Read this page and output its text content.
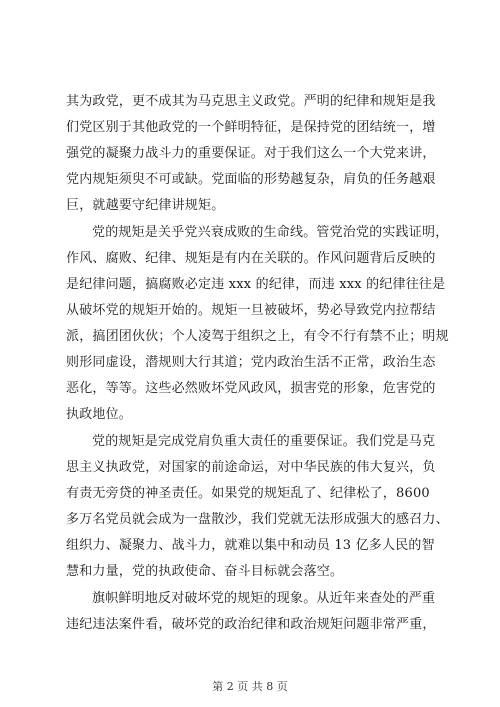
其为政党，更不成其为马克思主义政党。严明的纪律和规矩是我
们党区别于其他政党的一个鲜明特征，是保持党的团结统一，增
强党的凝聚力战斗力的重要保证。对于我们这么一个大党来讲，
党内规矩须臾不可或缺。党面临的形势越复杂，肩负的任务越艰
巨，就越要守纪律讲规矩。

党的规矩是关乎党兴衰成败的生命线。管党治党的实践证明，
作风、腐败、纪律、规矩是有内在关联的。作风问题背后反映的
是纪律问题，搞腐败必定违 xxx 的纪律，而违 xxx 的纪律往往是
从破坏党的规矩开始的。规矩一旦被破坏，势必导致党内拉帮结
派，搞团团伙伙；个人凌驾于组织之上，有令不行有禁不止；明规
则形同虚设，潜规则大行其道；党内政治生活不正常，政治生态
恶化，等等。这些必然败坏党风政风，损害党的形象，危害党的
执政地位。

党的规矩是完成党肩负重大责任的重要保证。我们党是马克
思主义执政党，对国家的前途命运，对中华民族的伟大复兴，负
有责无旁贷的神圣责任。如果党的规矩乱了、纪律松了，8600
多万名党员就会成为一盘散沙，我们党就无法形成强大的感召力、
组织力、凝聚力、战斗力，就难以集中和动员 13 亿多人民的智
慧和力量，党的执政使命、奋斗目标就会落空。

旗帜鲜明地反对破坏党的规矩的现象。从近年来查处的严重
违纪违法案件看，破坏党的政治纪律和政治规矩问题非常严重，

第 2 页 共 8 页
